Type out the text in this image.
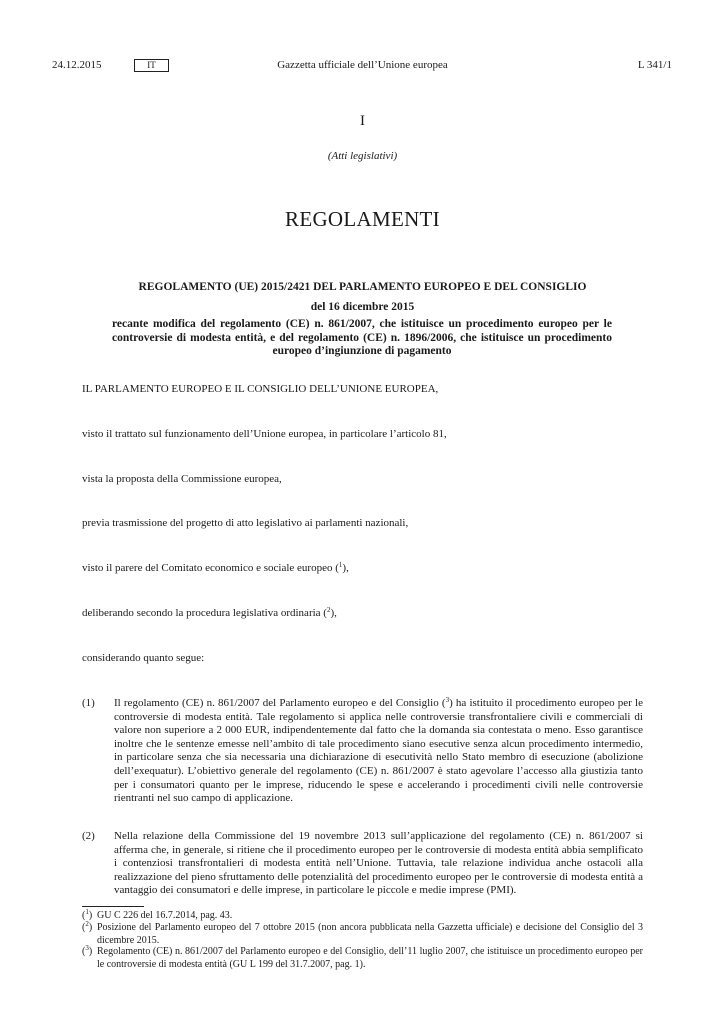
24.12.2015	IT	Gazzetta ufficiale dell’Unione europea	L 341/1
I
(Atti legislativi)
REGOLAMENTI
REGOLAMENTO (UE) 2015/2421 DEL PARLAMENTO EUROPEO E DEL CONSIGLIO
del 16 dicembre 2015
recante modifica del regolamento (CE) n. 861/2007, che istituisce un procedimento europeo per le controversie di modesta entità, e del regolamento (CE) n. 1896/2006, che istituisce un procedimento europeo d’ingiunzione di pagamento
IL PARLAMENTO EUROPEO E IL CONSIGLIO DELL’UNIONE EUROPEA,
visto il trattato sul funzionamento dell’Unione europea, in particolare l’articolo 81,
vista la proposta della Commissione europea,
previa trasmissione del progetto di atto legislativo ai parlamenti nazionali,
visto il parere del Comitato economico e sociale europeo ($^1$),
deliberando secondo la procedura legislativa ordinaria ($^2$),
considerando quanto segue:
(1) Il regolamento (CE) n. 861/2007 del Parlamento europeo e del Consiglio ($^3$) ha istituito il procedimento europeo per le controversie di modesta entità. Tale regolamento si applica nelle controversie transfrontaliere civili e commerciali di valore non superiore a 2 000 EUR, indipendentemente dal fatto che la domanda sia contestata o meno. Esso garantisce inoltre che le sentenze emesse nell’ambito di tale procedimento siano esecutive senza alcun procedimento intermedio, in particolare senza che sia necessaria una dichiarazione di esecutività nello Stato membro di esecuzione (abolizione dell’exequatur). L’obiettivo generale del regolamento (CE) n. 861/2007 è stato agevolare l’accesso alla giustizia tanto per i consumatori quanto per le imprese, riducendo le spese e accelerando i procedimenti civili nelle controversie rientranti nel suo campo di applicazione.
(2) Nella relazione della Commissione del 19 novembre 2013 sull’applicazione del regolamento (CE) n. 861/2007 si afferma che, in generale, si ritiene che il procedimento europeo per le controversie di modesta entità abbia semplificato i contenziosi transfrontalieri di modesta entità nell’Unione. Tuttavia, tale relazione individua anche ostacoli alla realizzazione del pieno sfruttamento delle potenzialità del procedimento europeo per le controversie di modesta entità a vantaggio dei consumatori e delle imprese, in particolare le piccole e medie imprese (PMI).
($^1$) GU C 226 del 16.7.2014, pag. 43.
($^2$) Posizione del Parlamento europeo del 7 ottobre 2015 (non ancora pubblicata nella Gazzetta ufficiale) e decisione del Consiglio del 3 dicembre 2015.
($^3$) Regolamento (CE) n. 861/2007 del Parlamento europeo e del Consiglio, dell’11 luglio 2007, che istituisce un procedimento europeo per le controversie di modesta entità (GU L 199 del 31.7.2007, pag. 1).
